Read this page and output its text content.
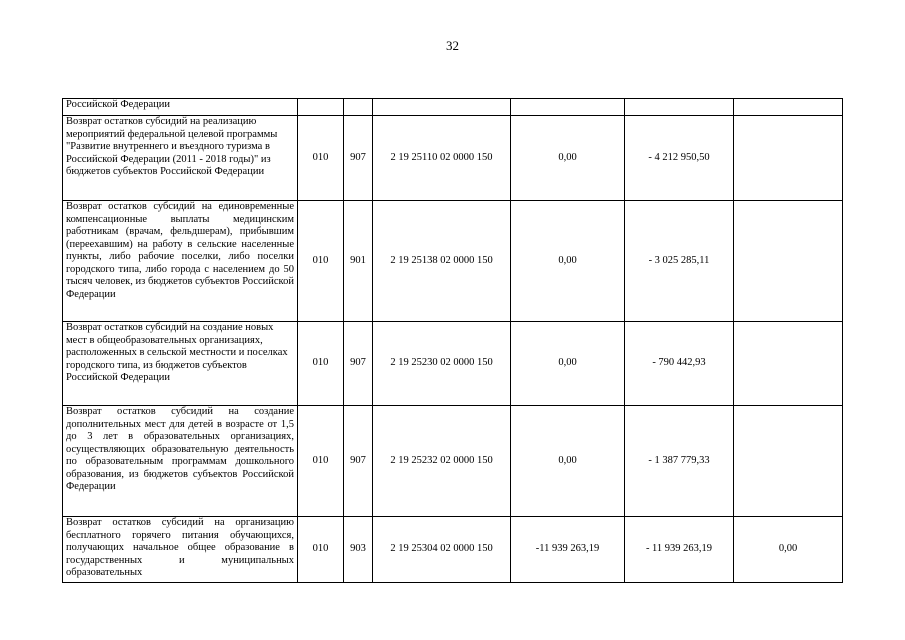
32
Российской Федерации						
Возврат остатков субсидий на реализацию мероприятий федеральной целевой программы "Развитие внутреннего и въездного туризма в Российской Федерации (2011 - 2018 годы)" из бюджетов субъектов Российской Федерации	010	907	2 19 25110 02 0000 150	0,00	- 4 212 950,50	
Возврат остатков субсидий на единовременные компенсационные выплаты медицинским работникам (врачам, фельдшерам), прибывшим (переехавшим) на работу в сельские населенные пункты, либо рабочие поселки, либо поселки городского типа, либо города с населением до 50 тысяч человек, из бюджетов субъектов Российской Федерации	010	901	2 19 25138 02 0000 150	0,00	- 3 025 285,11	
Возврат остатков субсидий на создание новых мест в общеобразовательных организациях, расположенных в сельской местности и поселках городского типа, из бюджетов субъектов Российской Федерации	010	907	2 19 25230 02 0000 150	0,00	- 790 442,93	
Возврат остатков субсидий на создание дополнительных мест для детей в возрасте от 1,5 до 3 лет в образовательных организациях, осуществляющих образовательную деятельность по образовательным программам дошкольного образования, из бюджетов субъектов Российской Федерации	010	907	2 19 25232 02 0000 150	0,00	- 1 387 779,33	
Возврат остатков субсидий на организацию бесплатного горячего питания обучающихся, получающих начальное общее образование в государственных и муниципальных образовательных	010	903	2 19 25304 02 0000 150	-11 939 263,19	- 11 939 263,19	0,00
